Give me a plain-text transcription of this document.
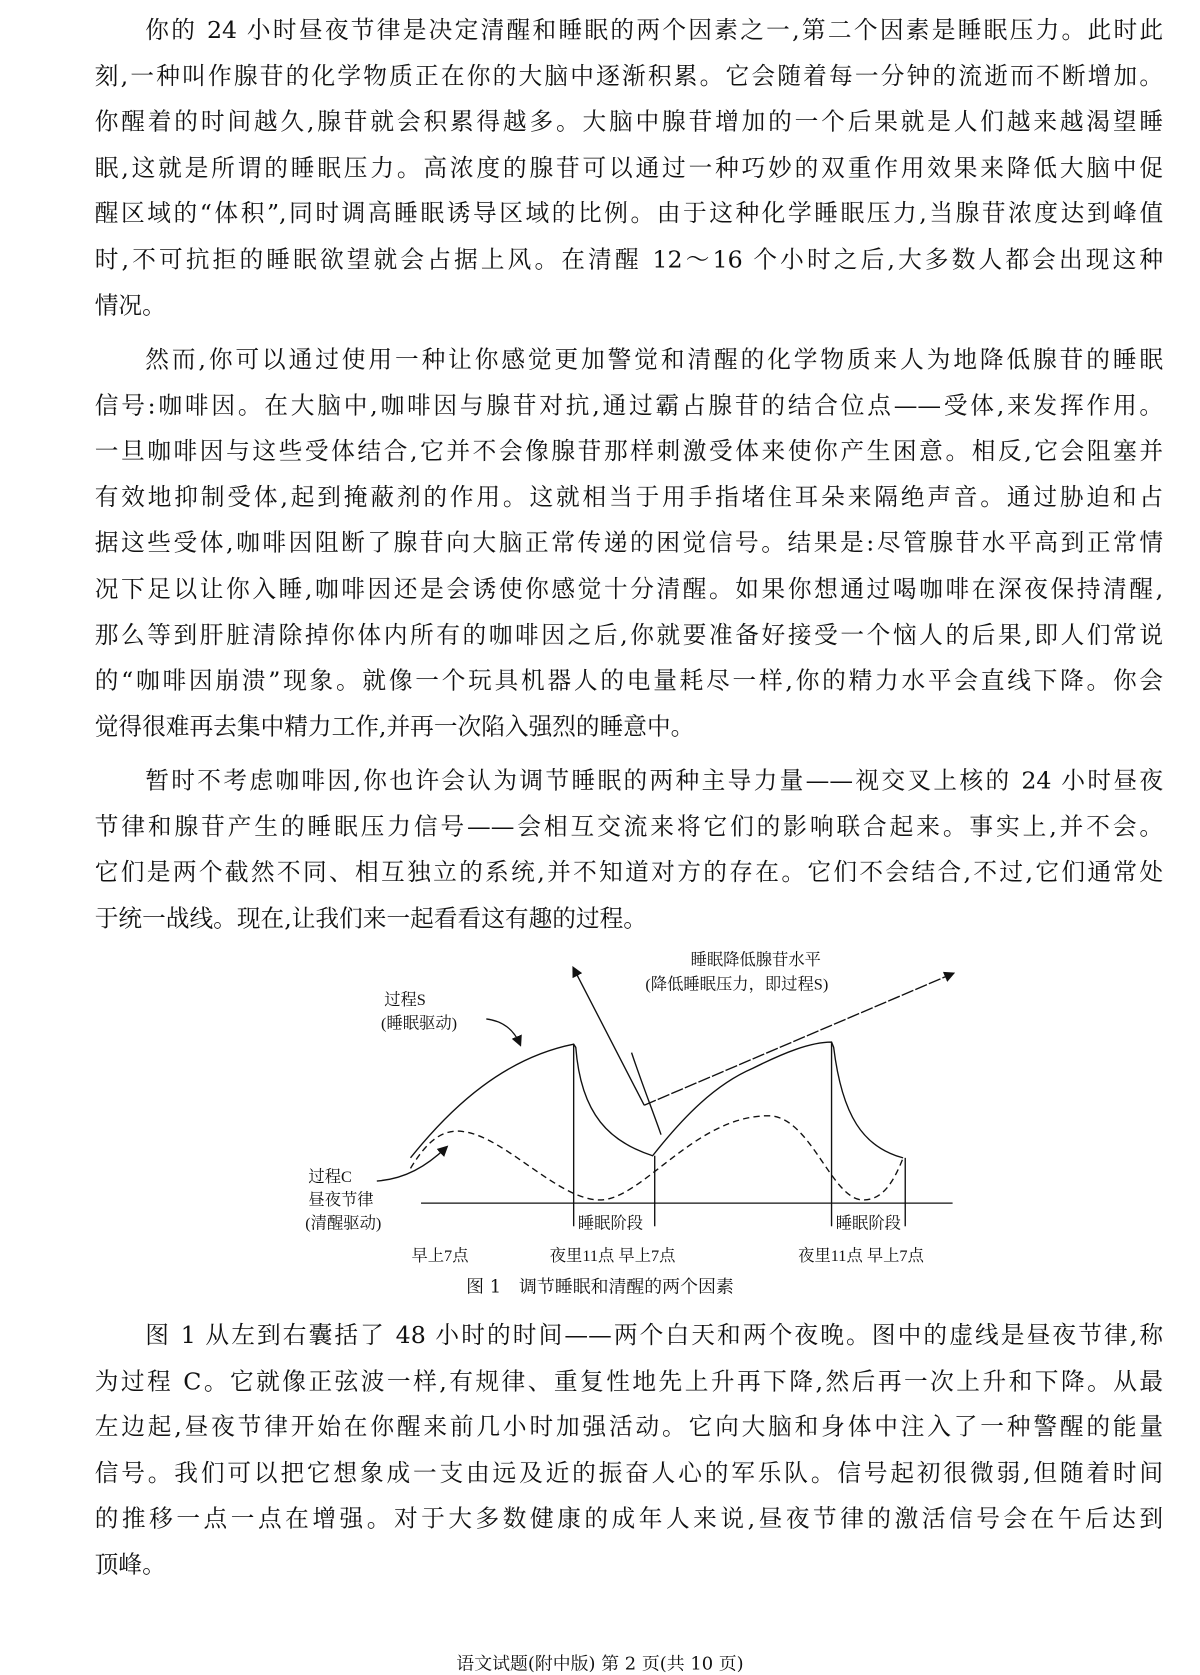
你的 24 小时昼夜节律是决定清醒和睡眠的两个因素之一,第二个因素是睡眠压力。此时此
刻,一种叫作腺苷的化学物质正在你的大脑中逐渐积累。它会随着每一分钟的流逝而不断增加。
你醒着的时间越久,腺苷就会积累得越多。大脑中腺苷增加的一个后果就是人们越来越渴望睡
眠,这就是所谓的睡眠压力。高浓度的腺苷可以通过一种巧妙的双重作用效果来降低大脑中促
醒区域的“体积”,同时调高睡眠诱导区域的比例。由于这种化学睡眠压力,当腺苷浓度达到峰值
时,不可抗拒的睡眠欲望就会占据上风。在清醒 12～16 个小时之后,大多数人都会出现这种
情况。
然而,你可以通过使用一种让你感觉更加警觉和清醒的化学物质来人为地降低腺苷的睡眠
信号:咖啡因。在大脑中,咖啡因与腺苷对抗,通过霸占腺苷的结合位点——受体,来发挥作用。
一旦咖啡因与这些受体结合,它并不会像腺苷那样刺激受体来使你产生困意。相反,它会阻塞并
有效地抑制受体,起到掩蔽剂的作用。这就相当于用手指堵住耳朵来隔绝声音。通过胁迫和占
据这些受体,咖啡因阻断了腺苷向大脑正常传递的困觉信号。结果是:尽管腺苷水平高到正常情
况下足以让你入睡,咖啡因还是会诱使你感觉十分清醒。如果你想通过喝咖啡在深夜保持清醒,
那么等到肝脏清除掉你体内所有的咖啡因之后,你就要准备好接受一个恼人的后果,即人们常说
的“咖啡因崩溃”现象。就像一个玩具机器人的电量耗尽一样,你的精力水平会直线下降。你会
觉得很难再去集中精力工作,并再一次陷入强烈的睡意中。
暂时不考虑咖啡因,你也许会认为调节睡眠的两种主导力量——视交叉上核的 24 小时昼夜
节律和腺苷产生的睡眠压力信号——会相互交流来将它们的影响联合起来。事实上,并不会。
它们是两个截然不同、相互独立的系统,并不知道对方的存在。它们不会结合,不过,它们通常处
于统一战线。现在,让我们来一起看看这有趣的过程。
图 1 从左到右囊括了 48 小时的时间——两个白天和两个夜晚。图中的虚线是昼夜节律,称
为过程 C。它就像正弦波一样,有规律、重复性地先上升再下降,然后再一次上升和下降。从最
左边起,昼夜节律开始在你醒来前几小时加强活动。它向大脑和身体中注入了一种警醒的能量
信号。我们可以把它想象成一支由远及近的振奋人心的军乐队。信号起初很微弱,但随着时间
的推移一点一点在增强。对于大多数健康的成年人来说,昼夜节律的激活信号会在午后达到
顶峰。
睡眠降低腺苷水平
(降低睡眠压力，即过程S)
过程S
(睡眠驱动)
过程C
昼夜节律
(清醒驱动)	睡眠阶段	睡眠阶段
早上7点	夜里11点 早上7点	夜里11点 早上7点
图 1　调节睡眠和清醒的两个因素
语文试题(附中版) 第 2 页(共 10 页)
